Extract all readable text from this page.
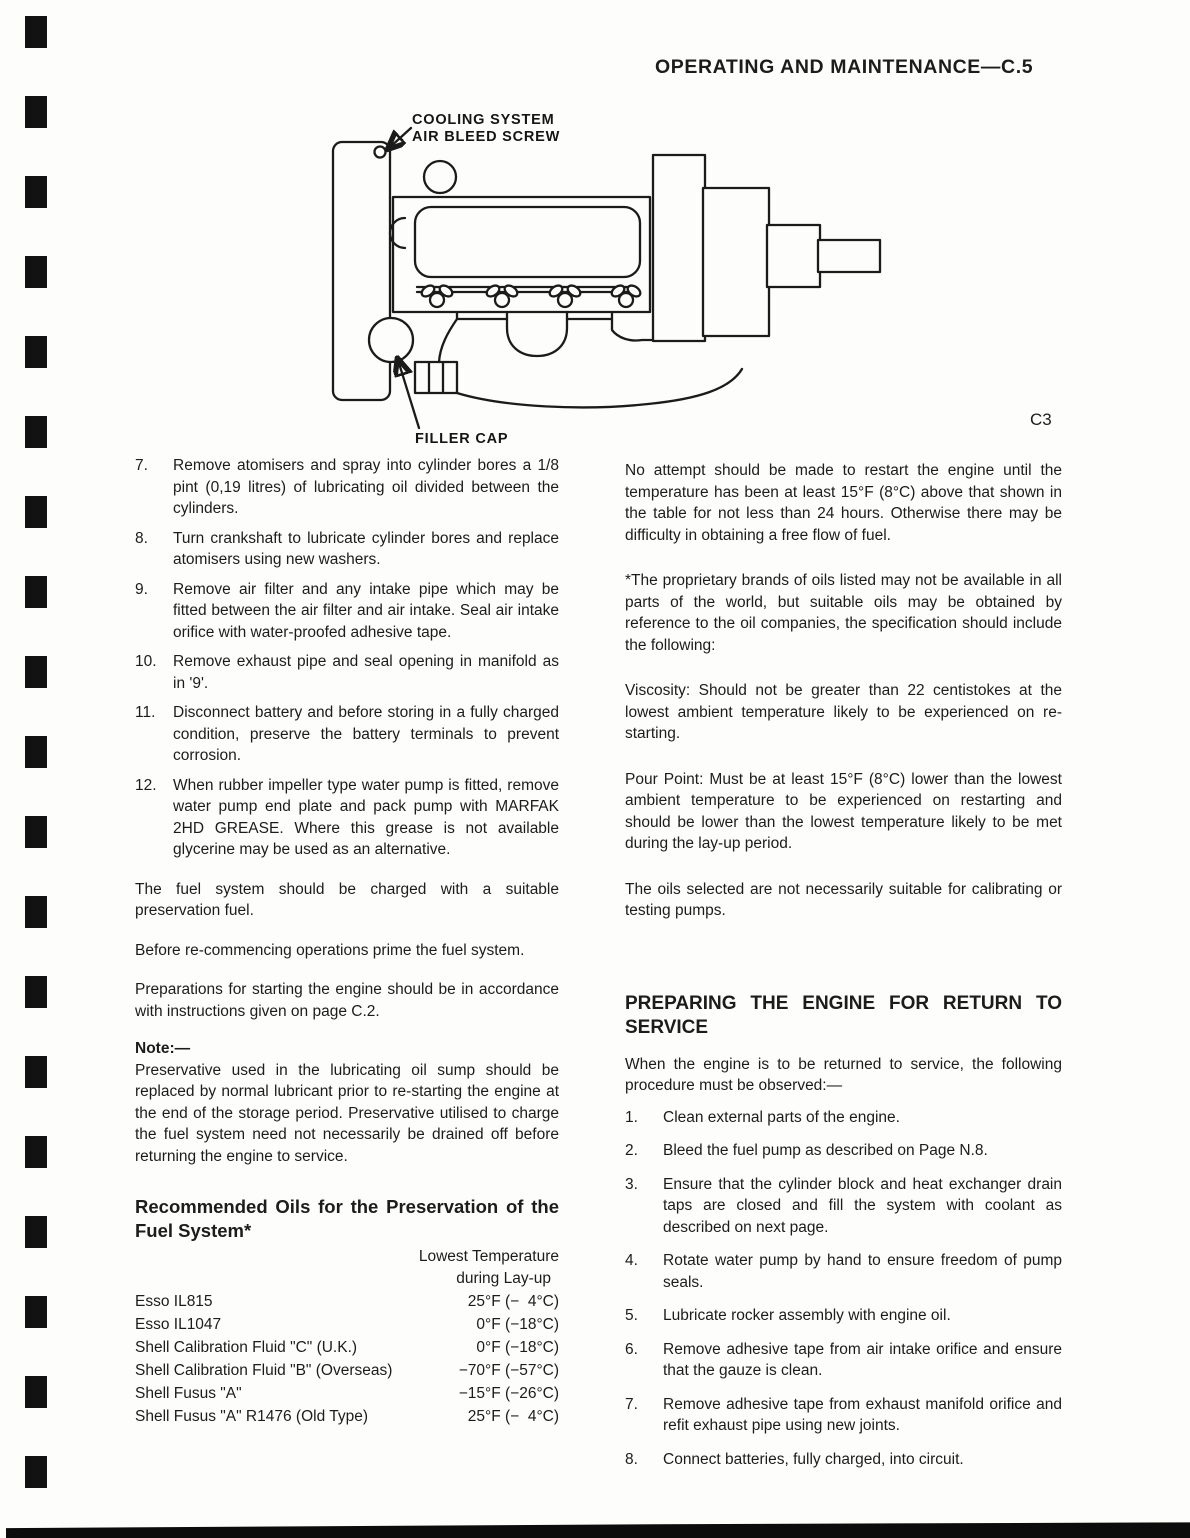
OPERATING AND MAINTENANCE—C.5
COOLING SYSTEM
AIR BLEED SCREW
FILLER CAP
C3
7.	Remove atomisers and spray into cylinder bores a 1/8 pint (0,19 litres) of lubricating oil divided between the cylinders.
8.	Turn crankshaft to lubricate cylinder bores and replace atomisers using new washers.
9.	Remove air filter and any intake pipe which may be fitted between the air filter and air intake. Seal air intake orifice with water-proofed adhesive tape.
10.	Remove exhaust pipe and seal opening in manifold as in '9'.
11.	Disconnect battery and before storing in a fully charged condition, preserve the battery terminals to prevent corrosion.
12.	When rubber impeller type water pump is fitted, remove water pump end plate and pack pump with MARFAK 2HD GREASE. Where this grease is not available glycerine may be used as an alternative.

The fuel system should be charged with a suitable preservation fuel.

Before re-commencing operations prime the fuel system.

Preparations for starting the engine should be in accordance with instructions given on page C.2.

Note:—
Preservative used in the lubricating oil sump should be replaced by normal lubricant prior to re-starting the engine at the end of the storage period. Preservative utilised to charge the fuel system need not necessarily be drained off before returning the engine to service.
Recommended Oils for the Preservation of the Fuel System*
Lowest Temperature
during Lay-up
Esso IL815	25°F (−  4°C)
Esso IL1047	0°F (−18°C)
Shell Calibration Fluid "C" (U.K.)	0°F (−18°C)
Shell Calibration Fluid "B" (Overseas)	−70°F (−57°C)
Shell Fusus "A"	−15°F (−26°C)
Shell Fusus "A" R1476 (Old Type)	25°F (−  4°C)

No attempt should be made to restart the engine until the temperature has been at least 15°F (8°C) above that shown in the table for not less than 24 hours. Otherwise there may be difficulty in obtaining a free flow of fuel.

*The proprietary brands of oils listed may not be available in all parts of the world, but suitable oils may be obtained by reference to the oil companies, the specification should include the following:

Viscosity: Should not be greater than 22 centistokes at the lowest ambient temperature likely to be experienced on re-starting.

Pour Point: Must be at least 15°F (8°C) lower than the lowest ambient temperature to be experienced on restarting and should be lower than the lowest temperature likely to be met during the lay-up period.

The oils selected are not necessarily suitable for calibrating or testing pumps.

PREPARING THE ENGINE FOR RETURN TO SERVICE

When the engine is to be returned to service, the following procedure must be observed:—

1.	Clean external parts of the engine.
2.	Bleed the fuel pump as described on Page N.8.
3.	Ensure that the cylinder block and heat exchanger drain taps are closed and fill the system with coolant as described on next page.
4.	Rotate water pump by hand to ensure freedom of pump seals.
5.	Lubricate rocker assembly with engine oil.
6.	Remove adhesive tape from air intake orifice and ensure that the gauze is clean.
7.	Remove adhesive tape from exhaust manifold orifice and refit exhaust pipe using new joints.
8.	Connect batteries, fully charged, into circuit.
